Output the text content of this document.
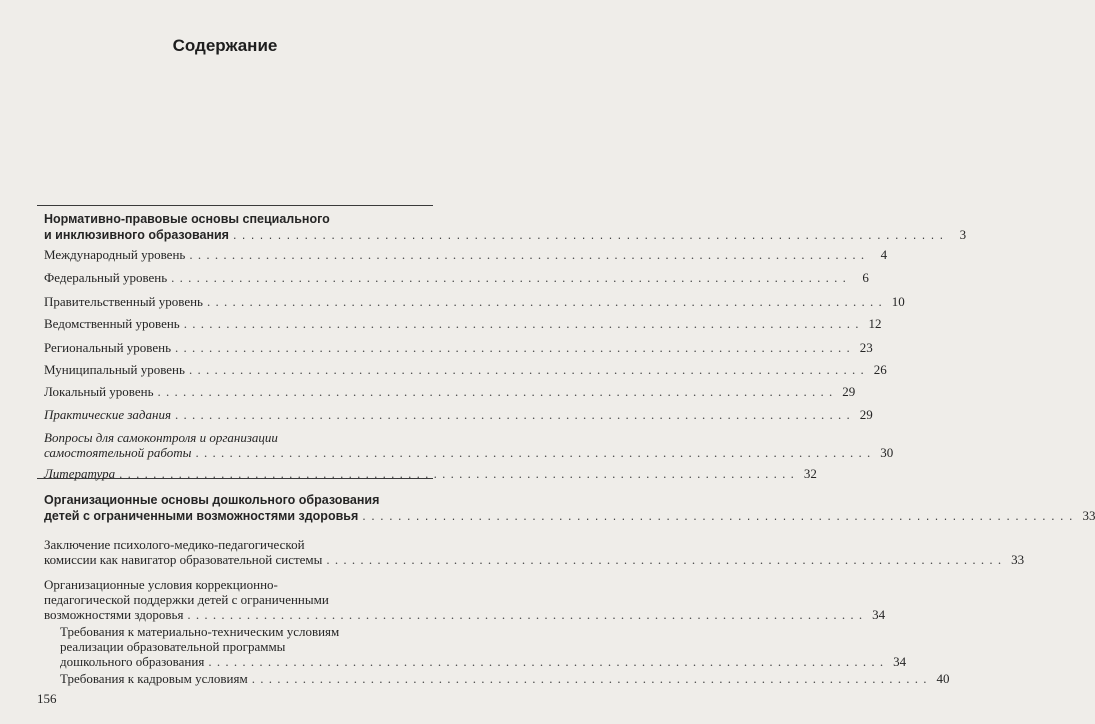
Содержание
Нормативно-правовые основы специального
и инклюзивного образования . . . . . . . . . . . . . . . . . . . . . . . . . . . . . . . . . . . . . . . . . . . . . . . . . . . . . . . . . . . . . . . . . . . . . . . . . . . . . . . .	3
Международный уровень . . . . . . . . . . . . . . . . . . . . . . . . . . . . . . . . . . . . . . . . . . . . . . . . . . . . . . . . . . . . . . . . . . . . . . . . . . . . . . . .	4
Федеральный уровень . . . . . . . . . . . . . . . . . . . . . . . . . . . . . . . . . . . . . . . . . . . . . . . . . . . . . . . . . . . . . . . . . . . . . . . . . . . . . . . .	6
Правительственный уровень . . . . . . . . . . . . . . . . . . . . . . . . . . . . . . . . . . . . . . . . . . . . . . . . . . . . . . . . . . . . . . . . . . . . . . . . . . . . . . . . 10
Ведомственный уровень . . . . . . . . . . . . . . . . . . . . . . . . . . . . . . . . . . . . . . . . . . . . . . . . . . . . . . . . . . . . . . . . . . . . . . . . . . . . . . . . 12
Региональный уровень . . . . . . . . . . . . . . . . . . . . . . . . . . . . . . . . . . . . . . . . . . . . . . . . . . . . . . . . . . . . . . . . . . . . . . . . . . . . . . . . 23
Муниципальный уровень . . . . . . . . . . . . . . . . . . . . . . . . . . . . . . . . . . . . . . . . . . . . . . . . . . . . . . . . . . . . . . . . . . . . . . . . . . . . . . . . 26
Локальный уровень . . . . . . . . . . . . . . . . . . . . . . . . . . . . . . . . . . . . . . . . . . . . . . . . . . . . . . . . . . . . . . . . . . . . . . . . . . . . . . . . 29
Практические задания . . . . . . . . . . . . . . . . . . . . . . . . . . . . . . . . . . . . . . . . . . . . . . . . . . . . . . . . . . . . . . . . . . . . . . . . . . . . . . . . 29
Вопросы для самоконтроля и организации
самостоятельной работы . . . . . . . . . . . . . . . . . . . . . . . . . . . . . . . . . . . . . . . . . . . . . . . . . . . . . . . . . . . . . . . . . . . . . . . . . . . . . . . . 30
Литература . . . . . . . . . . . . . . . . . . . . . . . . . . . . . . . . . . . . . . . . . . . . . . . . . . . . . . . . . . . . . . . . . . . . . . . . . . . . . . . . 32
Организационные основы дошкольного образования
детей с ограниченными возможностями здоровья . . . . . . . . . . . . . . . . . . . . . . . . . . . . . . . . . . . . . . . . . . . . . . . . . . . . . . . . . . . . . . . . . . . . . . . . . . . . . . . . 33
Заключение психолого-медико-педагогической
комиссии как навигатор образовательной системы . . . . . . . . . . . . . . . . . . . . . . . . . . . . . . . . . . . . . . . . . . . . . . . . . . . . . . . . . . . . . . . . . . . . . . . . . . . . . . . . 33
Организационные условия коррекционно-
педагогической поддержки детей с ограниченными
возможностями здоровья . . . . . . . . . . . . . . . . . . . . . . . . . . . . . . . . . . . . . . . . . . . . . . . . . . . . . . . . . . . . . . . . . . . . . . . . . . . . . . . . 34
Требования к материально-техническим условиям
реализации образовательной программы
дошкольного образования . . . . . . . . . . . . . . . . . . . . . . . . . . . . . . . . . . . . . . . . . . . . . . . . . . . . . . . . . . . . . . . . . . . . . . . . . . . . . . . . 34
Требования к кадровым условиям . . . . . . . . . . . . . . . . . . . . . . . . . . . . . . . . . . . . . . . . . . . . . . . . . . . . . . . . . . . . . . . . . . . . . . . . . . . . . . . . 40
156
